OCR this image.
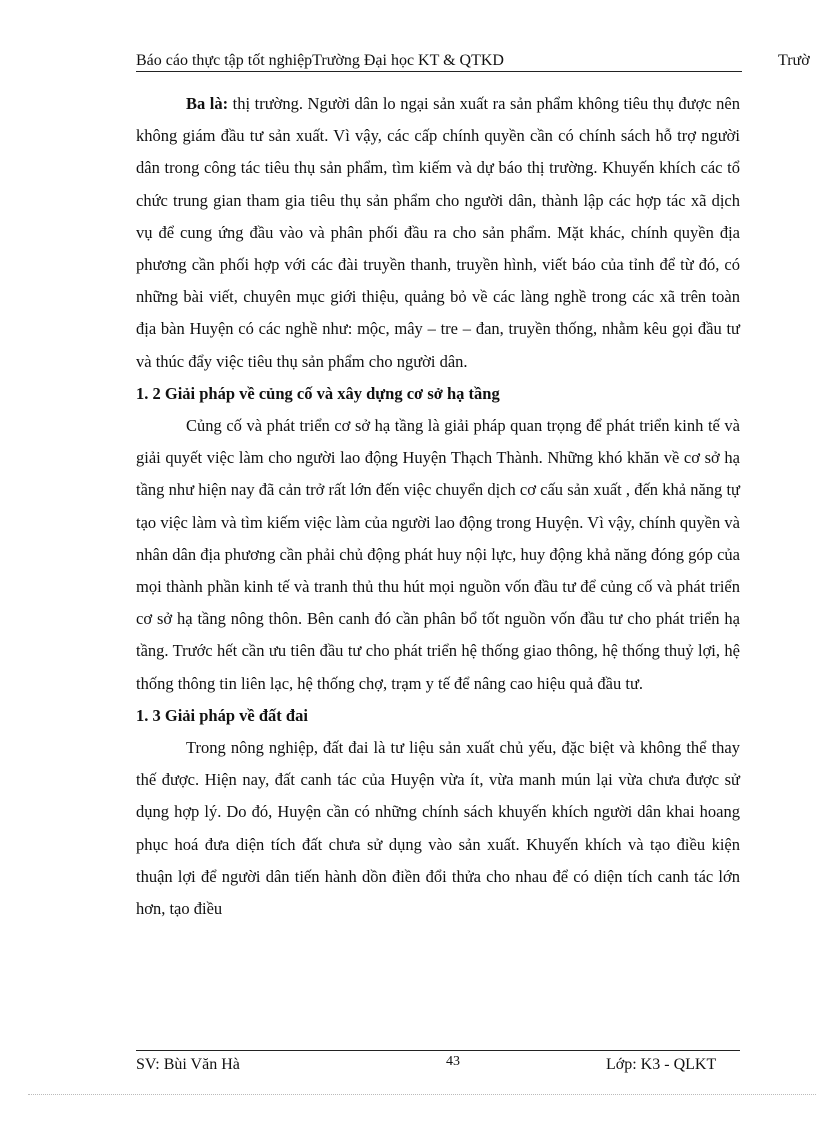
Báo cáo thực tập tốt nghiệpTrường Đại học KT & QTKD	Trườ

Ba là: thị trường. Người dân lo ngại sản xuất ra sản phẩm không tiêu thụ được nên không giám đầu tư sản xuất. Vì vậy, các cấp chính quyền cần có chính sách hỗ trợ người dân trong công tác tiêu thụ sản phẩm, tìm kiếm và dự báo thị trường. Khuyến khích các tổ chức trung gian tham gia tiêu thụ sản phẩm cho người dân, thành lập các hợp tác xã dịch vụ để cung ứng đầu vào và phân phối đầu ra cho sản phẩm. Mặt khác, chính quyền địa phương cần phối hợp với các đài truyền thanh, truyền hình, viết báo của tỉnh để từ đó, có những bài viết, chuyên mục giới thiệu, quảng bỏ về các làng nghề trong các xã trên toàn địa bàn Huyện có các nghề như: mộc, mây – tre – đan, truyền thống, nhằm kêu gọi đầu tư và thúc đẩy việc tiêu thụ sản phẩm cho người dân.

1. 2 Giải pháp về củng cố và xây dựng cơ sở hạ tầng

Củng cố và phát triển cơ sở hạ tầng là giải pháp quan trọng để phát triển kinh tế và giải quyết việc làm cho người lao động Huyện Thạch Thành. Những khó khăn về cơ sở hạ tầng như hiện nay đã cản trở rất lớn đến việc chuyển dịch cơ cấu sản xuất , đến khả năng tự tạo việc làm và tìm kiếm việc làm của người lao động trong Huyện. Vì vậy, chính quyền và nhân dân địa phương cần phải chủ động phát huy nội lực, huy động khả năng đóng góp của mọi thành phần kinh tế và tranh thủ thu hút mọi nguồn vốn đầu tư để củng cố và phát triển cơ sở hạ tầng nông thôn. Bên canh đó cần phân bổ tốt nguồn vốn đầu tư cho phát triển hạ tầng. Trước hết cần ưu tiên đầu tư cho phát triển hệ thống giao thông, hệ thống thuỷ lợi, hệ thống thông tin liên lạc, hệ thống chợ, trạm y tế để nâng cao hiệu quả đầu tư.

1. 3 Giải pháp về đất đai

Trong nông nghiệp, đất đai là tư liệu sản xuất chủ yếu, đặc biệt và không thể thay thế được. Hiện nay, đất canh tác của Huyện vừa ít, vừa manh mún lại vừa chưa được sử dụng hợp lý. Do đó, Huyện cần có những chính sách khuyến khích người dân khai hoang phục hoá đưa diện tích đất chưa sử dụng vào sản xuất. Khuyến khích và tạo điều kiện thuận lợi để người dân tiến hành dồn điền đổi thửa cho nhau để có diện tích canh tác lớn hơn, tạo điều

SV: Bùi Văn Hà	43	Lớp: K3 - QLKT
